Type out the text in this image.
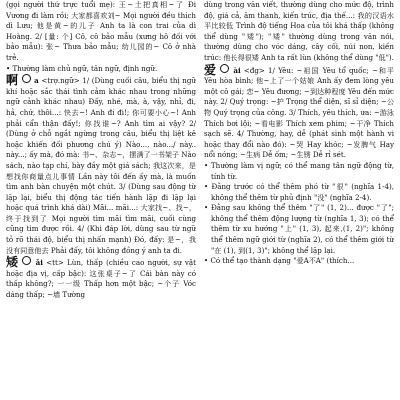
(gọi người thứ trực tuổi mẹ): 王~土把真相~了 Đi Vương đi làm rồi; 大家都喜欢刘~ Mọi người đều thích dì Lưu; 他是黄~的儿子 Anh ta là con trai của dì Hoàng. 2/ [量: 个] Cô, cô bảo mẫu (xưng hô đối với bảo mẫu): 张~ Thưa bảo mẫu; 幼儿园的~ Cô ở nhà trẻ.

• Thường làm chủ ngữ, tân ngữ, định ngữ.

啊 a <trợ.ngữ> 1/ (Dùng cuối câu, biểu thị ngữ khí hoặc sắc thái tình cảm khác nhau trong những ngữ cảnh khác nhau) Đấy, nhé, mà, à, vậy, nhỉ, đi, hả, chứ, thôi...: 快去~! Anh đi đi!; 你可要小心~! Anh phải cẩn thận đấy!; 你找谁~? Anh tìm ai vậy? 2/ (Dùng ở chỗ ngắt ngừng trong câu, biểu thị liệt kê hoặc khiến đối phương chú ý) Nào..., nào.../ này.. này...; ấy mà, đó mà: 书~、杂志~，摆满了一书架子 Nào sách, nào tạp chí, bày đầy một giá sách; 我这次来，是想找你商量点儿事情 Lần này tôi đến ấy mà, là muốn tìm anh bàn chuyện một chút. 3/ (Dùng sau động từ lặp lại, biểu thị động tác tiến hành lặp đi lặp lại hoặc quá trình khá dài) Mãi... mãi...: 大家找~、找~，终于找到了 Mọi người tìm mãi tìm mãi, cuối cùng cũng tìm được rồi. 4/ (Khi đáp lời, dùng sau từ ngữ tỏ rõ thái độ, biểu thị nhấn mạnh) Đó, đấy: 是~，我没有同意他去 Phải đấy, tôi không đồng ý anh ta đi.

矮 ǎi <tt> Lùn, thấp (chiều cao người, sự vật hoặc địa vị, cấp bậc): 这张桌子~了 Cái bàn này có thấp không?; 一一级 Thấp hơn một bậc; ~个子 Vóc dáng thấp; ~墙 Tường

dùng trong văn viết, thường dùng cho mức độ, trình độ, giá cả, âm thanh, kiến trúc, địa thế...: 我的汉语水平比较低 Trình độ tiếng Hoa của tôi khá thấp (không thể dùng "矮"); "矮" thường dùng trong văn nói, thường dùng cho vóc dáng, cây cối, núi non, kiến trúc: 他长得很矮 Anh ta rất lùn (không thể dùng "低").

爱 ài <đg> 1/ Yêu: ~祖国 Yêu tổ quốc; ~和平 Yêu hòa bình; 他~上了一个姑娘 Anh ấy đem lòng yêu một cô gái; 恋~ Yêu đương; ~到达种程度 Yêu đến mức này. 2/ Quý trọng: ~护 Trọng thể diện, sĩ sỉ diện; ~公物 Quý trọng của công. 3/ Thích, yêu thích, ưa: ~游泳 Thích bơi lội; ~看电影 Thích xem phim; ~干净 Thích sạch sẽ. 4/ Thường, hay, dễ (phát sinh một hành vi hoặc thay đổi nào đó): ~哭 Hay khóc; ~发脾气 Hay nổi nóng; ~生病 Dễ ốm; ~生锈 Dễ rỉ sét.

• Thường làm vị ngữ; có thể mang tân ngữ động từ, tính từ.

• Đằng trước có thể thêm phó từ "很" (nghĩa 1-4), không thể thêm từ phủ định "没" (nghĩa 2-4).

• Đằng sau không thể thêm "了" (1, 2)... được "了"; không thể thêm động lượng từ (nghĩa 1, 3); có thể thêm từ xu hướng "上" (1, 3), 起来,(1, 2)"; không thể thêm ngữ giới từ (nghĩa 2), có thể thêm giới từ "在 (1), 到(1, 3)"; không thể lặp lại.

• Có thể tạo thành dạng "爱A不A" (thích...
